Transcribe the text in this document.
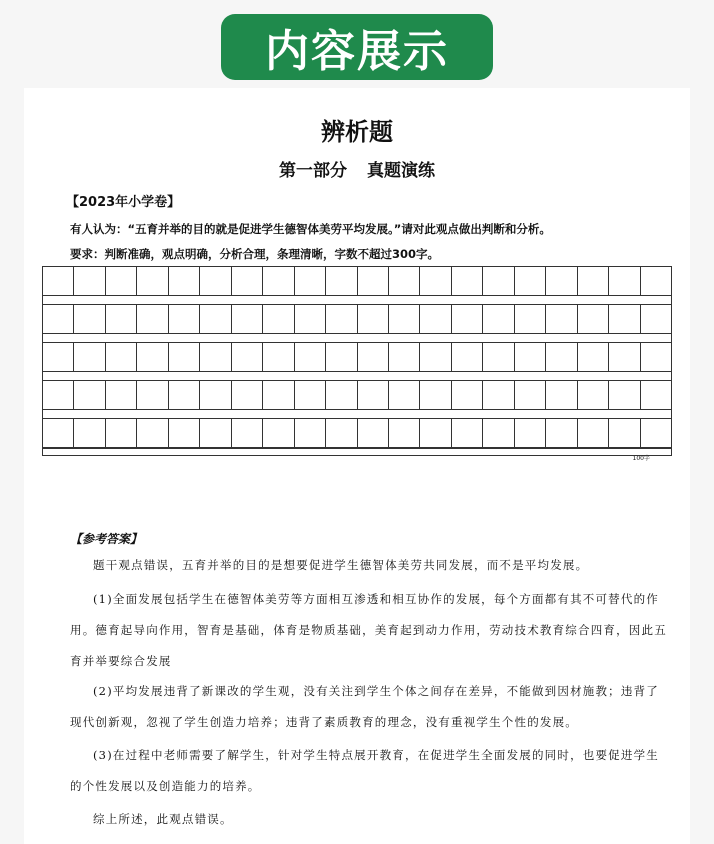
内容展示
辨析题
第一部分 真题演练
【2023年小学卷】
有人认为：“五育并举的目的就是促进学生德智体美劳平均发展。”请对此观点做出判断和分析。
要求：判断准确，观点明确，分析合理，条理清晰，字数不超过300字。
100字
【参考答案】
题干观点错误，五育并举的目的是想要促进学生德智体美劳共同发展，而不是平均发展。
(1)全面发展包括学生在德智体美劳等方面相互渗透和相互协作的发展，每个方面都有其不可替代的作用。德育起导向作用，智育是基础，体育是物质基础，美育起到动力作用，劳动技术教育综合四育，因此五育并举要综合发展
(2)平均发展违背了新课改的学生观，没有关注到学生个体之间存在差异，不能做到因材施教；违背了现代创新观，忽视了学生创造力培养；违背了素质教育的理念，没有重视学生个性的发展。
(3)在过程中老师需要了解学生，针对学生特点展开教育，在促进学生全面发展的同时，也要促进学生的个性发展以及创造能力的培养。
综上所述，此观点错误。
